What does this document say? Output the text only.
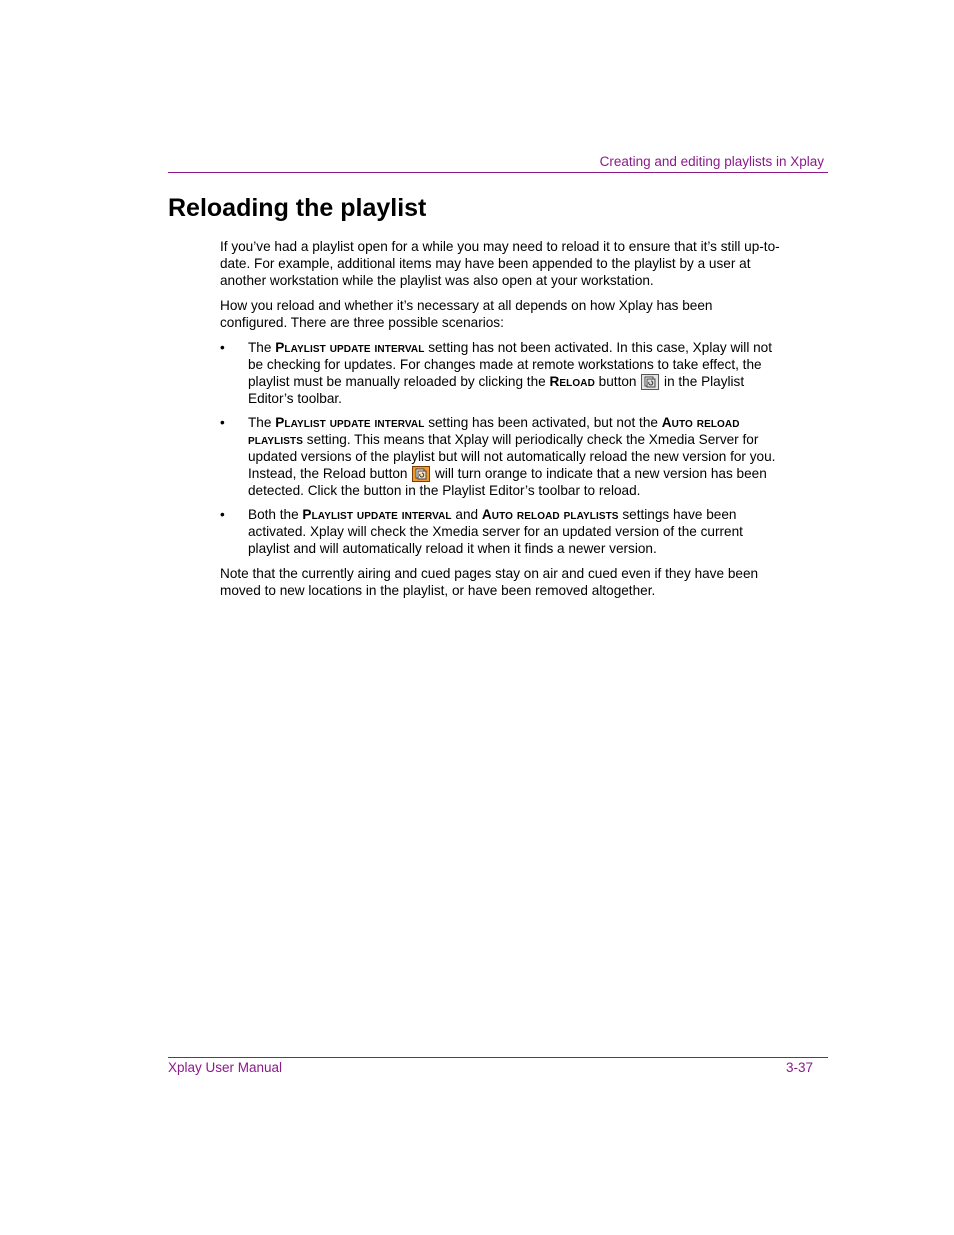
Creating and editing playlists in Xplay
Reloading the playlist

If you’ve had a playlist open for a while you may need to reload it to ensure that it’s still up-to-date. For example, additional items may have been appended to the playlist by a user at another workstation while the playlist was also open at your workstation.

How you reload and whether it’s necessary at all depends on how Xplay has been configured. There are three possible scenarios:

• The Playlist update interval setting has not been activated. In this case, Xplay will not be checking for updates. For changes made at remote workstations to take effect, the playlist must be manually reloaded by clicking the Reload button
in the Playlist Editor’s toolbar.
• The Playlist update interval setting has been activated, but not the Auto reload playlists setting. This means that Xplay will periodically check the Xmedia Server for updated versions of the playlist but will not automatically reload the new version for you. Instead, the Reload button
will turn orange to indicate that a new version has been detected. Click the button in the Playlist Editor’s toolbar to reload.
• Both the Playlist update interval and Auto reload playlists settings have been activated. Xplay will check the Xmedia server for an updated version of the current playlist and will automatically reload it when it finds a newer version.

Note that the currently airing and cued pages stay on air and cued even if they have been moved to new locations in the playlist, or have been removed altogether.

Xplay User Manual	3-37
